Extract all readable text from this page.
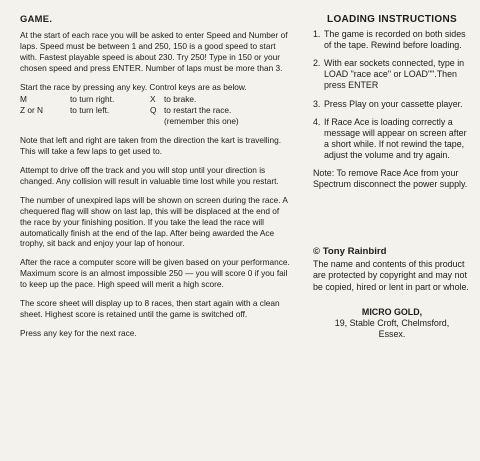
GAME.

At the start of each race you will be asked to enter Speed and Number of laps. Speed must be between 1 and 250, 150 is a good speed to start with. Fastest playable speed is about 230. Try 250! Type in 150 or your chosen speed and press ENTER. Number of laps must be more than 3.

Start the race by pressing any key. Control keys are as below.

M	to turn right.	X	to brake.
Z or N	to turn left.	Q to restart the race.
(remember this one)

Note that left and right are taken from the direction the kart is travelling. This will take a few laps to get used to.

Attempt to drive off the track and you will stop until your direction is changed. Any collision will result in valuable time lost while you restart.

The number of unexpired laps will be shown on screen during the race. A chequered flag will show on last lap, this will be displaced at the end of the race by your finishing position. If you take the lead the race will automatically finish at the end of the lap. After being awarded the Ace trophy, sit back and enjoy your lap of honour.

After the race a computer score will be given based on your performance. Maximum score is an almost impossible 250 — you will score 0 if you fail to keep up the pace. High speed will merit a high score.

The score sheet will display up to 8 races, then start again with a clean sheet. Highest score is retained until the game is switched off.

Press any key for the next race.

LOADING INSTRUCTIONS
1. The game is recorded on both sides of the tape. Rewind before loading.
2. With ear sockets connected, type in LOAD "race ace" or LOAD"".Then press ENTER
3. Press Play on your cassette player.
4. If Race Ace is loading correctly a message will appear on screen after a short while. If not rewind the tape, adjust the volume and try again.
Note: To remove Race Ace from your Spectrum disconnect the power supply.
© Tony Rainbird
The name and contents of this product are protected by copyright and may not be copied, hired or lent in part or whole.
MICRO GOLD,
19, Stable Croft, Chelmsford,
Essex.
